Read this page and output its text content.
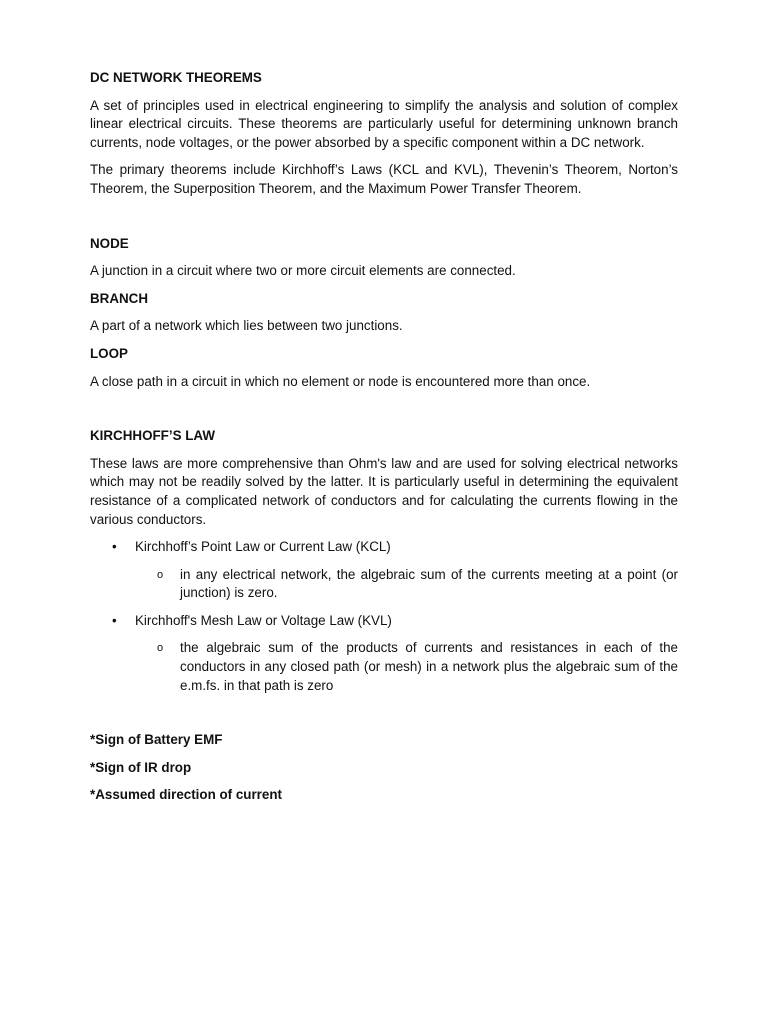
DC NETWORK THEOREMS

A set of principles used in electrical engineering to simplify the analysis and solution of complex linear electrical circuits. These theorems are particularly useful for determining unknown branch currents, node voltages, or the power absorbed by a specific component within a DC network.

The primary theorems include Kirchhoff’s Laws (KCL and KVL), Thevenin’s Theorem, Norton’s Theorem, the Superposition Theorem, and the Maximum Power Transfer Theorem.

NODE

A junction in a circuit where two or more circuit elements are connected.

BRANCH

A part of a network which lies between two junctions.

LOOP

A close path in a circuit in which no element or node is encountered more than once.

KIRCHHOFF’S LAW

These laws are more comprehensive than Ohm's law and are used for solving electrical networks which may not be readily solved by the latter. It is particularly useful in determining the equivalent resistance of a complicated network of conductors and for calculating the currents flowing in the various conductors.

• Kirchhoff’s Point Law or Current Law (KCL)
o in any electrical network, the algebraic sum of the currents meeting at a point (or junction) is zero.
• Kirchhoff's Mesh Law or Voltage Law (KVL)
o the algebraic sum of the products of currents and resistances in each of the conductors in any closed path (or mesh) in a network plus the algebraic sum of the e.m.fs. in that path is zero

*Sign of Battery EMF

*Sign of IR drop

*Assumed direction of current
